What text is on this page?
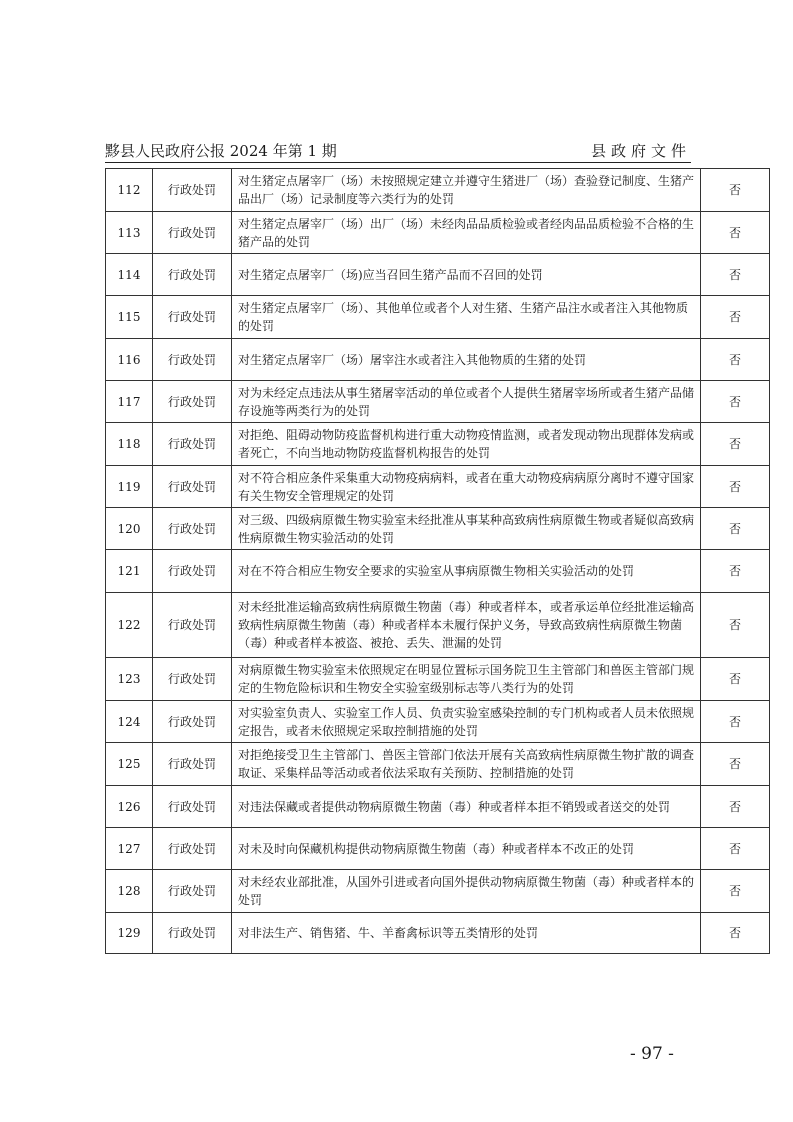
黟县人民政府公报 2024 年第 1 期	县政府文件
112	行政处罚	对生猪定点屠宰厂（场）未按照规定建立并遵守生猪进厂（场）查验登记制度、生猪产品出厂（场）记录制度等六类行为的处罚	否
113	行政处罚	对生猪定点屠宰厂（场）出厂（场）未经肉品品质检验或者经肉品品质检验不合格的生猪产品的处罚	否
114	行政处罚	对生猪定点屠宰厂（场)应当召回生猪产品而不召回的处罚	否
115	行政处罚	对生猪定点屠宰厂（场）、其他单位或者个人对生猪、生猪产品注水或者注入其他物质的处罚	否
116	行政处罚	对生猪定点屠宰厂（场）屠宰注水或者注入其他物质的生猪的处罚	否
117	行政处罚	对为未经定点违法从事生猪屠宰活动的单位或者个人提供生猪屠宰场所或者生猪产品储存设施等两类行为的处罚	否
118	行政处罚	对拒绝、阻碍动物防疫监督机构进行重大动物疫情监测，或者发现动物出现群体发病或者死亡，不向当地动物防疫监督机构报告的处罚	否
119	行政处罚	对不符合相应条件采集重大动物疫病病料，或者在重大动物疫病病原分离时不遵守国家有关生物安全管理规定的处罚	否
120	行政处罚	对三级、四级病原微生物实验室未经批准从事某种高致病性病原微生物或者疑似高致病性病原微生物实验活动的处罚	否
121	行政处罚	对在不符合相应生物安全要求的实验室从事病原微生物相关实验活动的处罚	否
122	行政处罚	对未经批准运输高致病性病原微生物菌（毒）种或者样本，或者承运单位经批准运输高致病性病原微生物菌（毒）种或者样本未履行保护义务，导致高致病性病原微生物菌（毒）种或者样本被盗、被抢、丢失、泄漏的处罚	否
123	行政处罚	对病原微生物实验室未依照规定在明显位置标示国务院卫生主管部门和兽医主管部门规定的生物危险标识和生物安全实验室级别标志等八类行为的处罚	否
124	行政处罚	对实验室负责人、实验室工作人员、负责实验室感染控制的专门机构或者人员未依照规定报告，或者未依照规定采取控制措施的处罚	否
125	行政处罚	对拒绝接受卫生主管部门、兽医主管部门依法开展有关高致病性病原微生物扩散的调查取证、采集样品等活动或者依法采取有关预防、控制措施的处罚	否
126	行政处罚	对违法保藏或者提供动物病原微生物菌（毒）种或者样本拒不销毁或者送交的处罚	否
127	行政处罚	对未及时向保藏机构提供动物病原微生物菌（毒）种或者样本不改正的处罚	否
128	行政处罚	对未经农业部批准，从国外引进或者向国外提供动物病原微生物菌（毒）种或者样本的处罚	否
129	行政处罚	对非法生产、销售猪、牛、羊畜禽标识等五类情形的处罚	否
- 97 -
